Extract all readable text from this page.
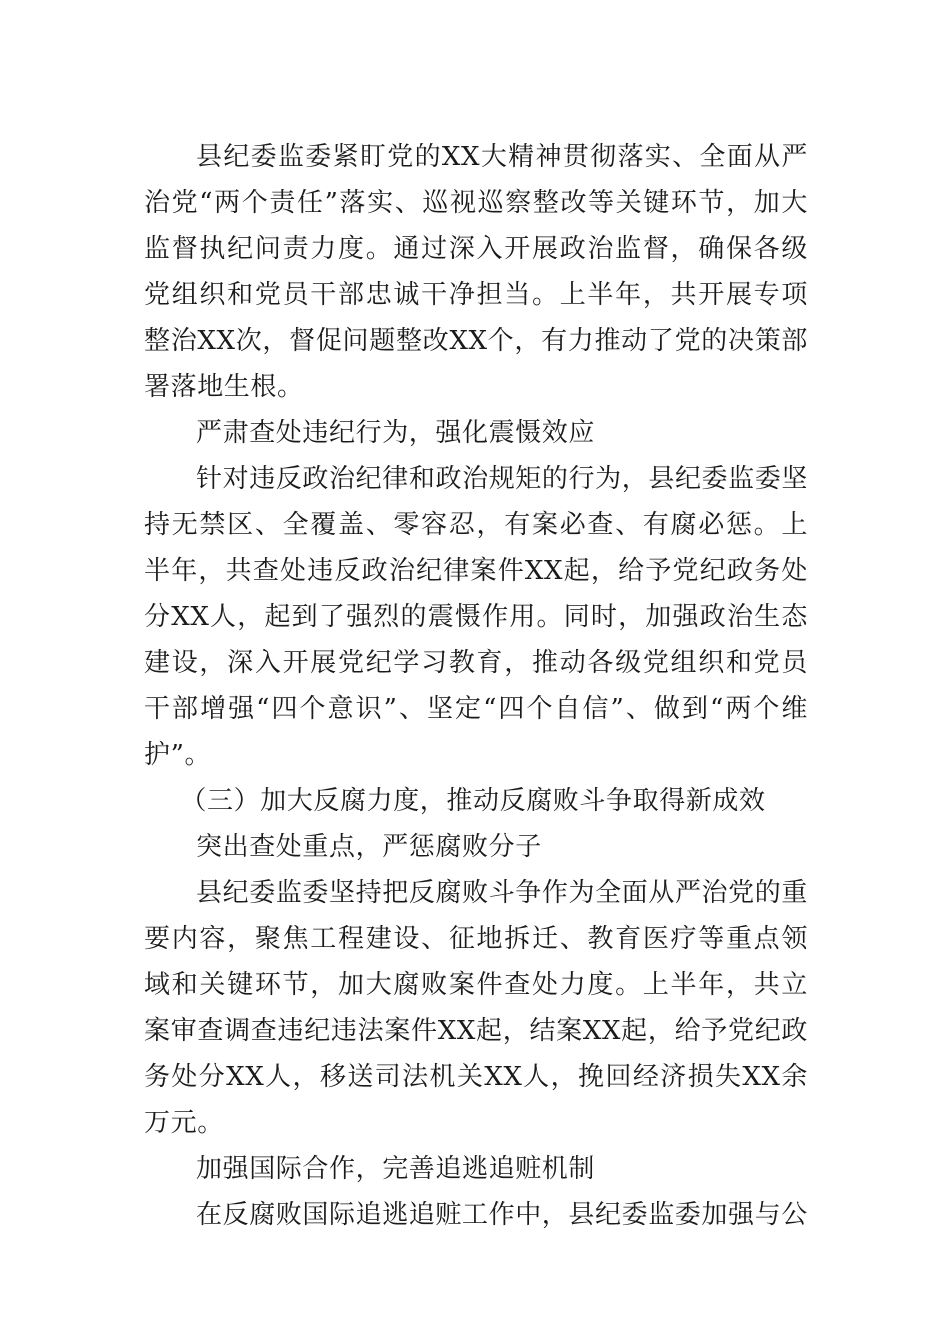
县纪委监委紧盯党的XX大精神贯彻落实、全面从严治党“两个责任”落实、巡视巡察整改等关键环节，加大监督执纪问责力度。通过深入开展政治监督，确保各级党组织和党员干部忠诚干净担当。上半年，共开展专项整治XX次，督促问题整改XX个，有力推动了党的决策部署落地生根。

严肃查处违纪行为，强化震慑效应

针对违反政治纪律和政治规矩的行为，县纪委监委坚持无禁区、全覆盖、零容忍，有案必查、有腐必惩。上半年，共查处违反政治纪律案件XX起，给予党纪政务处分XX人，起到了强烈的震慑作用。同时，加强政治生态建设，深入开展党纪学习教育，推动各级党组织和党员干部增强“四个意识”、坚定“四个自信”、做到“两个维护”。

（三）加大反腐力度，推动反腐败斗争取得新成效

突出查处重点，严惩腐败分子

县纪委监委坚持把反腐败斗争作为全面从严治党的重要内容，聚焦工程建设、征地拆迁、教育医疗等重点领域和关键环节，加大腐败案件查处力度。上半年，共立案审查调查违纪违法案件XX起，结案XX起，给予党纪政务处分XX人，移送司法机关XX人，挽回经济损失XX余万元。

加强国际合作，完善追逃追赃机制

在反腐败国际追逃追赃工作中，县纪委监委加强与公
